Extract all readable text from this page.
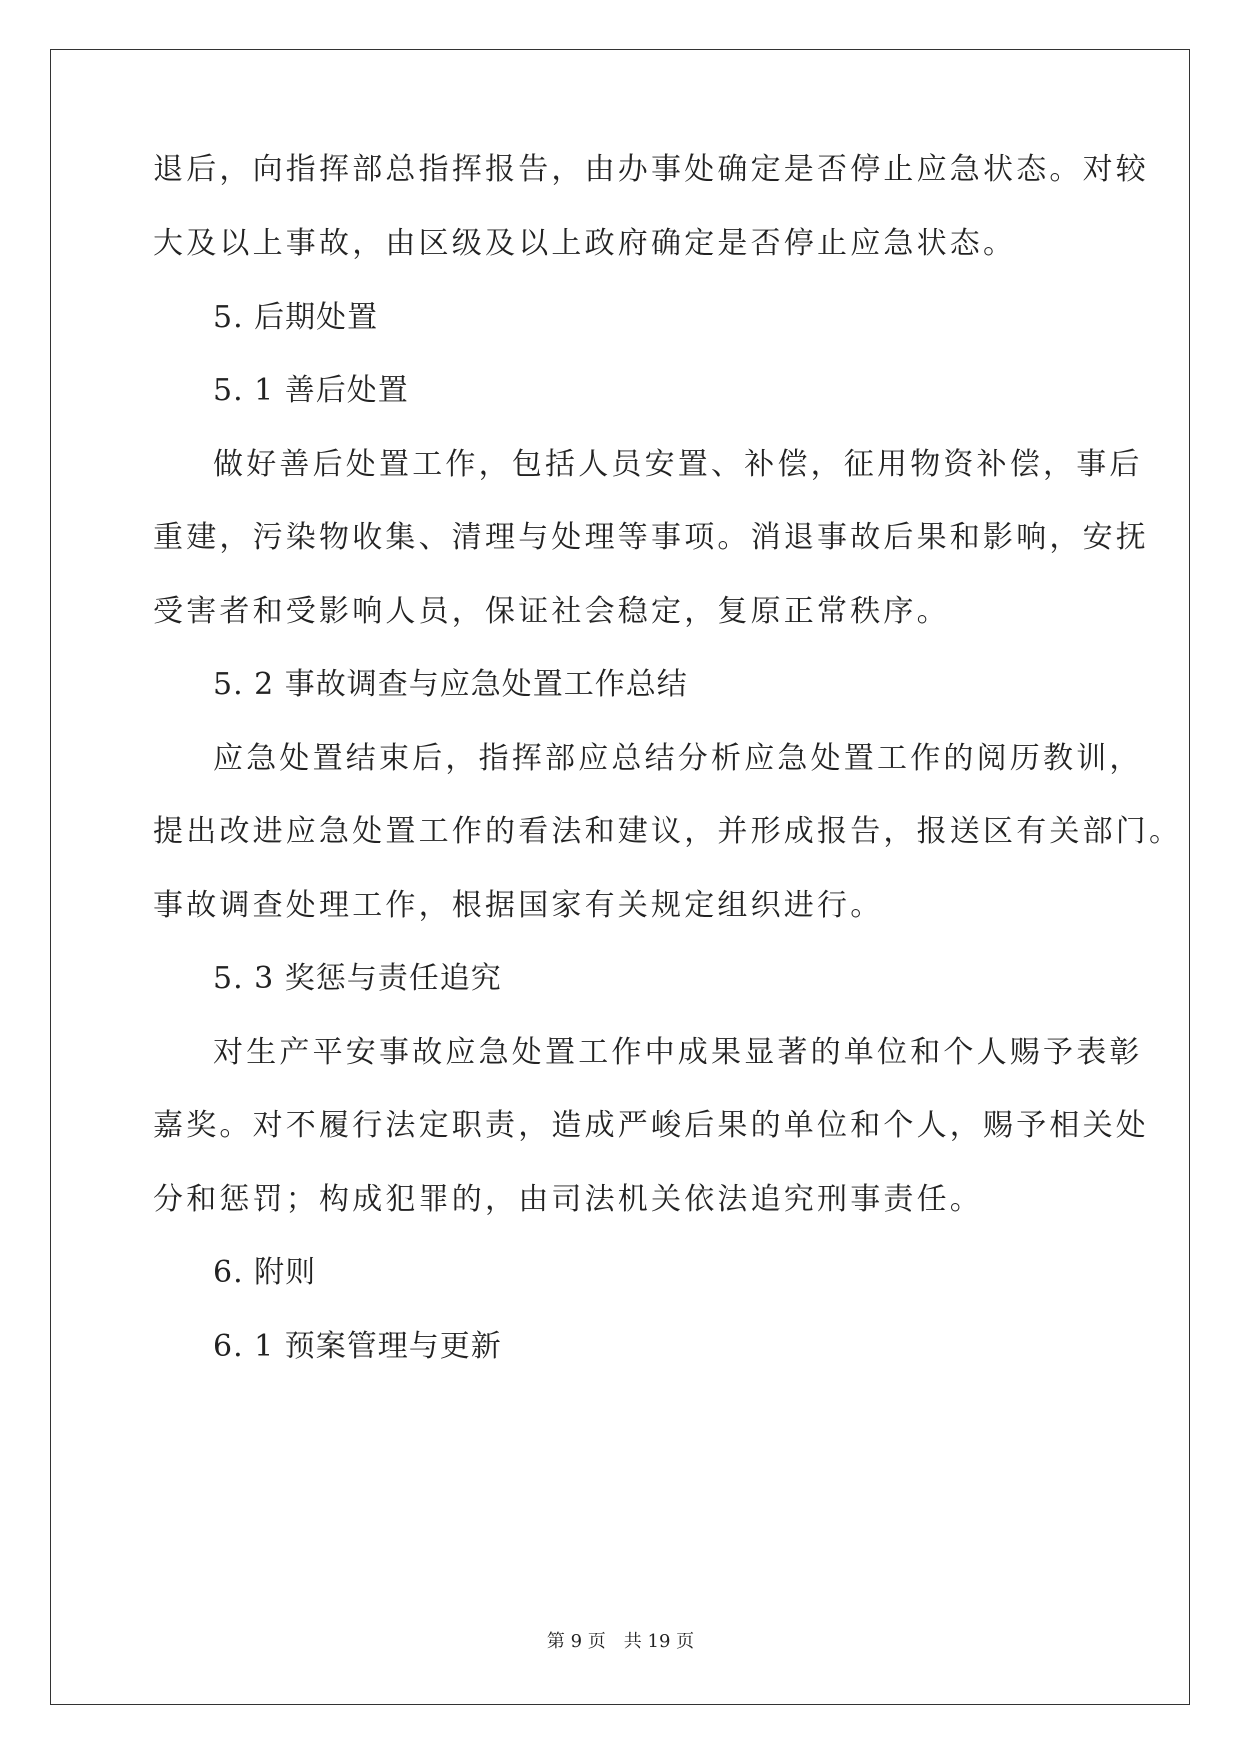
退后，向指挥部总指挥报告，由办事处确定是否停止应急状态。对较
大及以上事故，由区级及以上政府确定是否停止应急状态。
5. 后期处置
5. 1 善后处置
做好善后处置工作，包括人员安置、补偿，征用物资补偿，事后
重建，污染物收集、清理与处理等事项。消退事故后果和影响，安抚
受害者和受影响人员，保证社会稳定，复原正常秩序。
5. 2 事故调查与应急处置工作总结
应急处置结束后，指挥部应总结分析应急处置工作的阅历教训，
提出改进应急处置工作的看法和建议，并形成报告，报送区有关部门。
事故调查处理工作，根据国家有关规定组织进行。
5. 3 奖惩与责任追究
对生产平安事故应急处置工作中成果显著的单位和个人赐予表彰
嘉奖。对不履行法定职责，造成严峻后果的单位和个人，赐予相关处
分和惩罚；构成犯罪的，由司法机关依法追究刑事责任。
6. 附则
6. 1 预案管理与更新
第 9 页 共 19 页
